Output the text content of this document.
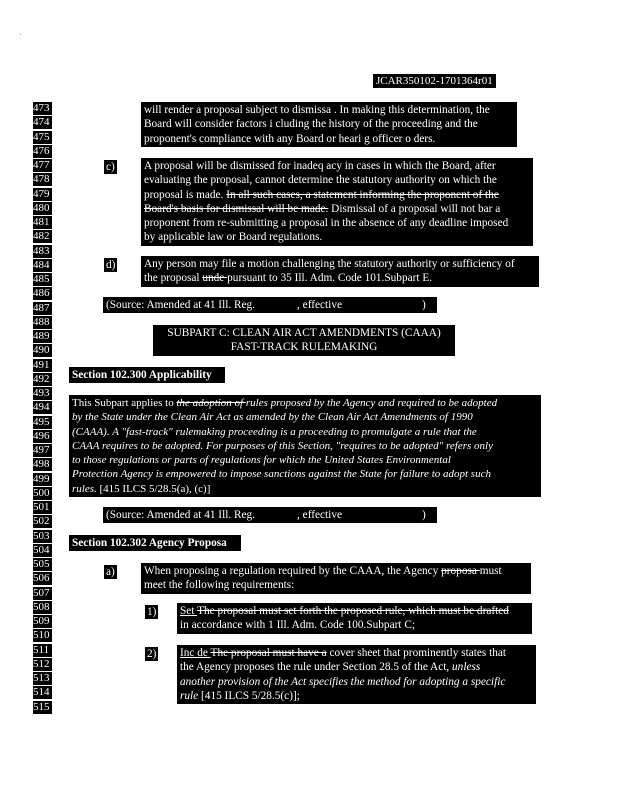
JCAR350102-1701364r01
473
474
475
476
477
478
479
480
481
482
483
484
485
486
487
488
489
490
491
492
493
494
495
496
497
498
499
500
501
502
503
504
505
506
507
508
509
510
511
512
513
514
515
will render a proposal subject to dismissa . In making this determination, the
Board will consider factors i cluding the history of the proceeding and the
proponent's compliance with any Board or heari g officer o ders.
c)	A proposal will be dismissed for inadeq acy in cases in which the Board, after
evaluating the proposal, cannot determine the statutory authority on which the
proposal is made. In all such cases, a statement informing the proponent of the
Board's basis for dismissal will be made. Dismissal of a proposal will not bar a
proponent from re-submitting a proposal in the absence of any deadline imposed
by applicable law or Board regulations.
d)	Any person may file a motion challenging the statutory authority or sufficiency of
the proposal unde pursuant to 35 Ill. Adm. Code 101.Subpart E.
(Source: Amended at 41 Ill. Reg.	, effective	)
SUBPART C: CLEAN AIR ACT AMENDMENTS (CAAA)
FAST-TRACK RULEMAKING
Section 102.300 Applicability
This Subpart applies to the adoption of rules proposed by the Agency and required to be adopted
by the State under the Clean Air Act as amended by the Clean Air Act Amendments of 1990
(CAAA). A "fast-track" rulemaking proceeding is a proceeding to promulgate a rule that the
CAAA requires to be adopted. For purposes of this Section, "requires to be adopted" refers only
to those regulations or parts of regulations for which the United States Environmental
Protection Agency is empowered to impose sanctions against the State for failure to adopt such
rules. [415 ILCS 5/28.5(a), (c)]
(Source: Amended at 41 Ill. Reg.	, effective	)
Section 102.302 Agency Proposa
a)	When proposing a regulation required by the CAAA, the Agency proposa must
meet the following requirements:
1) Set The proposal must set forth the proposed rule, which must be drafted
in accordance with 1 Ill. Adm. Code 100.Subpart C;
2) Inc de The proposal must have a cover sheet that prominently states that
the Agency proposes the rule under Section 28.5 of the Act, unless
another provision of the Act specifies the method for adopting a specific
rule [415 ILCS 5/28.5(c)];
